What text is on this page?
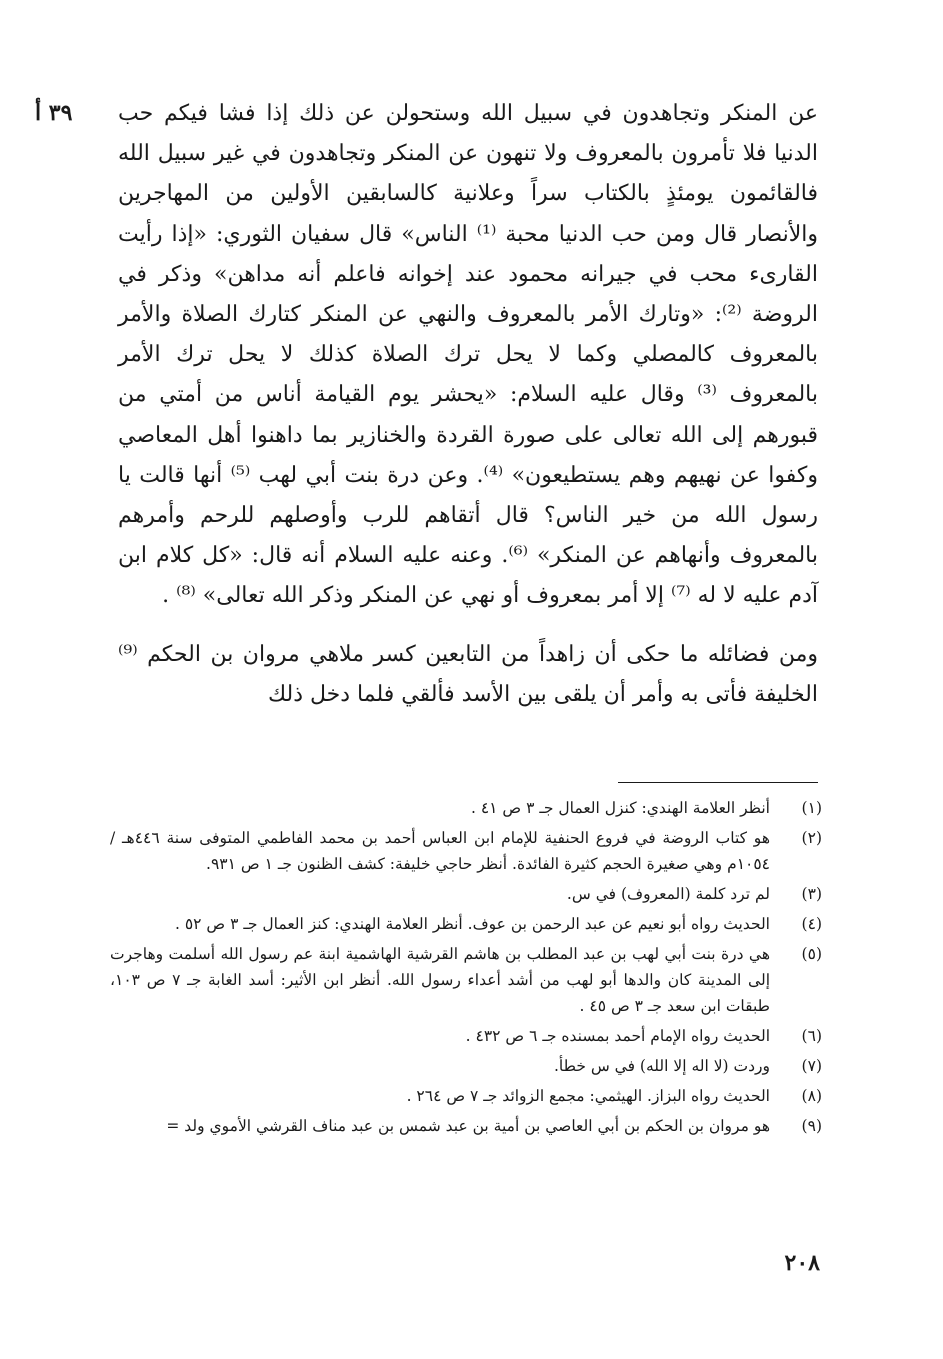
٣٩ أ	عن المنكر وتجاهدون في سبيل الله وستحولن عن ذلك إذا فشا فيكم حب الدنيا فلا تأمرون بالمعروف ولا تنهون عن المنكر وتجاهدون في غير سبيل الله فالقائمون يومئذٍ بالكتاب سراً وعلانية كالسابقين الأولين من المهاجرين والأنصار قال ومن حب الدنيا محبة ⁽¹⁾ الناس» قال سفيان الثوري: «إذا رأيت القارىء محب في جيرانه محمود عند إخوانه فاعلم أنه مداهن» وذكر في الروضة ⁽²⁾: «وتارك الأمر بالمعروف والنهي عن المنكر كتارك الصلاة والأمر بالمعروف كالمصلي وكما لا يحل ترك الصلاة كذلك لا يحل ترك الأمر بالمعروف ⁽³⁾ وقال عليه السلام: «يحشر يوم القيامة أناس من أمتي من قبورهم إلى الله تعالى على صورة القردة والخنازير بما داهنوا أهل المعاصي وكفوا عن نهيهم وهم يستطيعون» ⁽⁴⁾. وعن درة بنت أبي لهب ⁽⁵⁾ أنها قالت يا رسول الله من خير الناس؟ قال أتقاهم للرب وأوصلهم للرحم وأمرهم بالمعروف وأنهاهم عن المنكر» ⁽⁶⁾. وعنه عليه السلام أنه قال: «كل كلام ابن آدم عليه لا له ⁽⁷⁾ إلا أمر بمعروف أو نهي عن المنكر وذكر الله تعالى» ⁽⁸⁾ .

ومن فضائله ما حكى أن زاهداً من التابعين كسر ملاهي مروان بن الحكم ⁽⁹⁾ الخليفة فأتى به وأمر أن يلقى بين الأسد فألقي فلما دخل ذلك

(١)
أنظر العلامة الهندي: كنزل العمال جـ ٣ ص ٤١ .
(٢)
هو كتاب الروضة في فروع الحنفية للإمام ابن العباس أحمد بن محمد الفاطمي المتوفى سنة ٤٤٦هـ / ١٠٥٤م وهي صغيرة الحجم كثيرة الفائدة. أنظر حاجي خليفة: كشف الظنون جـ ١ ص ٩٣١.
(٣)
لم ترد كلمة (المعروف) في س.
(٤)
الحديث رواه أبو نعيم عن عبد الرحمن بن عوف. أنظر العلامة الهندي: كنز العمال جـ ٣ ص ٥٢ .
(٥)
هي درة بنت أبي لهب بن عبد المطلب بن هاشم القرشية الهاشمية ابنة عم رسول الله أسلمت وهاجرت إلى المدينة كان والدها أبو لهب من أشد أعداء رسول الله. أنظر ابن الأثير: أسد الغابة جـ ٧ ص ١٠٣، طبقات ابن سعد جـ ٣ ص ٤٥ .
(٦)
الحديث رواه الإمام أحمد بمسنده جـ ٦ ص ٤٣٢ .
(٧)
وردت (لا اله إلا الله) في س خطأ.
(٨)
الحديث رواه البزاز. الهيثمي: مجمع الزوائد جـ ٧ ص ٢٦٤ .
(٩)
هو مروان بن الحكم بن أبي العاصي بن أمية بن عبد شمس بن عبد مناف القرشي الأموي ولد =
٢٠٨
